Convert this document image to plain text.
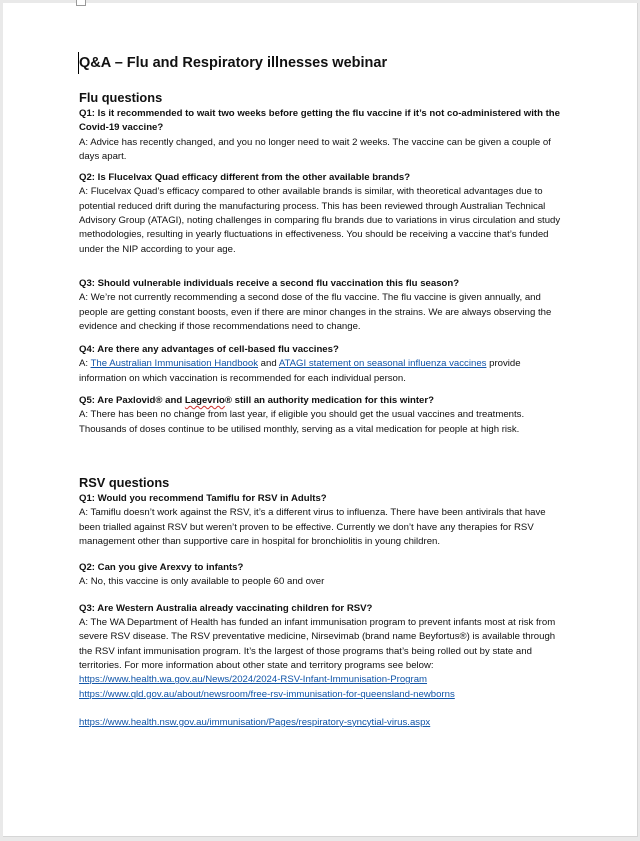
Q&A – Flu and Respiratory illnesses webinar
Flu questions

Q1: Is it recommended to wait two weeks before getting the flu vaccine if it’s not co-administered with the Covid-19 vaccine?

A: Advice has recently changed, and you no longer need to wait 2 weeks. The vaccine can be given a couple of days apart.

Q2: Is Flucelvax Quad efficacy different from the other available brands?

A: Flucelvax Quad’s efficacy compared to other available brands is similar, with theoretical advantages due to potential reduced drift during the manufacturing process. This has been reviewed through Australian Technical Advisory Group (ATAGI), noting challenges in comparing flu brands due to variations in virus circulation and study methodologies, resulting in yearly fluctuations in effectiveness. You should be receiving a vaccine that’s funded under the NIP according to your age.

Q3: Should vulnerable individuals receive a second flu vaccination this flu season?

A: We’re not currently recommending a second dose of the flu vaccine. The flu vaccine is given annually, and people are getting constant boosts, even if there are minor changes in the strains. We are always observing the evidence and checking if those recommendations need to change.

Q4: Are there any advantages of cell-based flu vaccines?

A: The Australian Immunisation Handbook and ATAGI statement on seasonal influenza vaccines provide information on which vaccination is recommended for each individual person.

Q5: Are Paxlovid® and Lagevrio® still an authority medication for this winter?

A: There has been no change from last year, if eligible you should get the usual vaccines and treatments. Thousands of doses continue to be utilised monthly, serving as a vital medication for people at high risk.

RSV questions

Q1: Would you recommend Tamiflu for RSV in Adults?

A: Tamiflu doesn’t work against the RSV, it’s a different virus to influenza. There have been antivirals that have been trialled against RSV but weren’t proven to be effective. Currently we don’t have any therapies for RSV management other than supportive care in hospital for bronchiolitis in young children.

Q2: Can you give Arexvy to infants?

A: No, this vaccine is only available to people 60 and over

Q3: Are Western Australia already vaccinating children for RSV?

A: The WA Department of Health has funded an infant immunisation program to prevent infants most at risk from severe RSV disease. The RSV preventative medicine, Nirsevimab (brand name Beyfortus®) is available through the RSV infant immunisation program. It’s the largest of those programs that’s being rolled out by state and territories. For more information about other state and territory programs see below:

https://www.health.wa.gov.au/News/2024/2024-RSV-Infant-Immunisation-Program
https://www.qld.gov.au/about/newsroom/free-rsv-immunisation-for-queensland-newborns
https://www.health.nsw.gov.au/immunisation/Pages/respiratory-syncytial-virus.aspx
